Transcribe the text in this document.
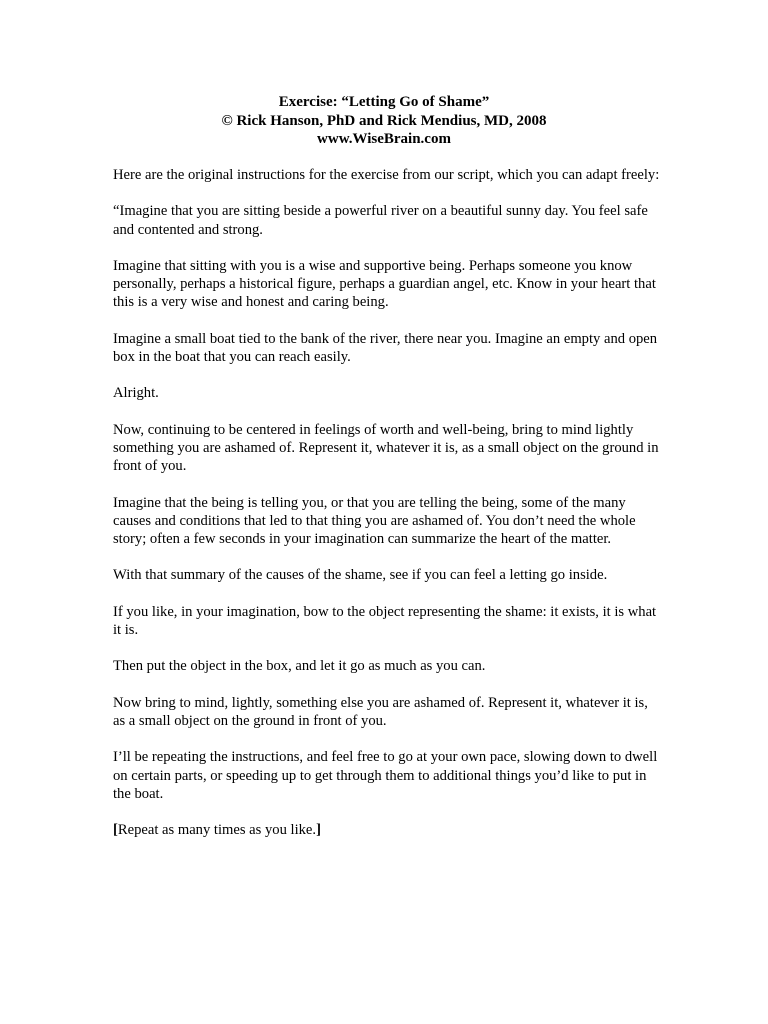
Exercise: “Letting Go of Shame”
© Rick Hanson, PhD and Rick Mendius, MD, 2008
www.WiseBrain.com

Here are the original instructions for the exercise from our script, which you can adapt freely:

“Imagine that you are sitting beside a powerful river on a beautiful sunny day. You feel safe and contented and strong.

Imagine that sitting with you is a wise and supportive being. Perhaps someone you know personally, perhaps a historical figure, perhaps a guardian angel, etc. Know in your heart that this is a very wise and honest and caring being.

Imagine a small boat tied to the bank of the river, there near you. Imagine an empty and open box in the boat that you can reach easily.

Alright.

Now, continuing to be centered in feelings of worth and well-being, bring to mind lightly something you are ashamed of. Represent it, whatever it is, as a small object on the ground in front of you.

Imagine that the being is telling you, or that you are telling the being, some of the many causes and conditions that led to that thing you are ashamed of. You don’t need the whole story; often a few seconds in your imagination can summarize the heart of the matter.

With that summary of the causes of the shame, see if you can feel a letting go inside.

If you like, in your imagination, bow to the object representing the shame: it exists, it is what it is.

Then put the object in the box, and let it go as much as you can.

Now bring to mind, lightly, something else you are ashamed of. Represent it, whatever it is, as a small object on the ground in front of you.

I’ll be repeating the instructions, and feel free to go at your own pace, slowing down to dwell on certain parts, or speeding up to get through them to additional things you’d like to put in the boat.

[Repeat as many times as you like.]
